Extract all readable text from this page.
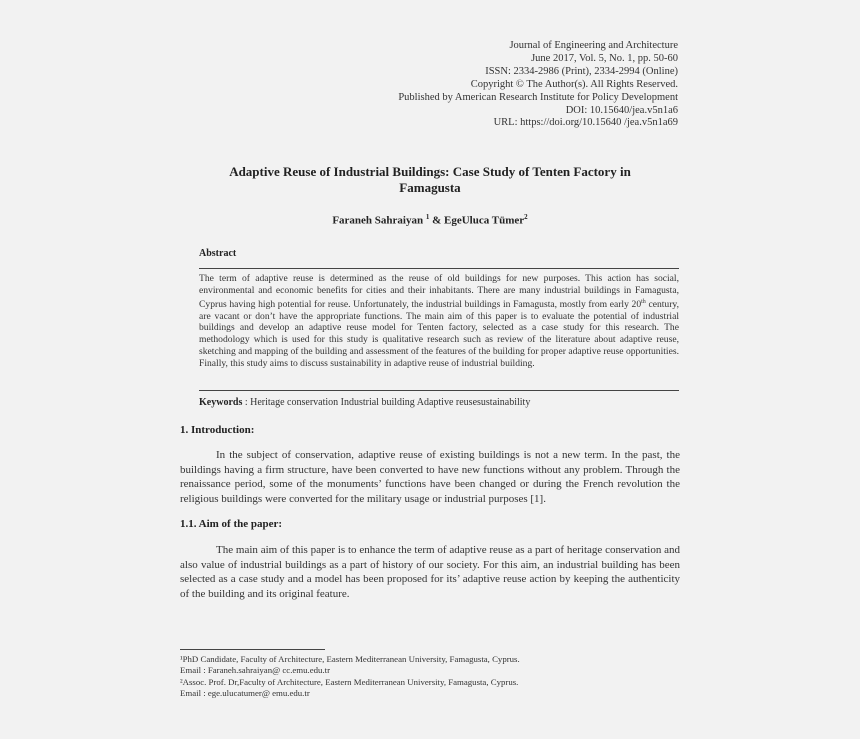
Journal of Engineering and Architecture
June 2017, Vol. 5, No. 1, pp. 50-60
ISSN: 2334-2986 (Print), 2334-2994 (Online)
Copyright © The Author(s). All Rights Reserved.
Published by American Research Institute for Policy Development
DOI: 10.15640/jea.v5n1a6
URL: https://doi.org/10.15640 /jea.v5n1a69
Adaptive Reuse of Industrial Buildings: Case Study of Tenten Factory in
Famagusta
Faraneh Sahraiyan $^1$ & EgeUluca Tümer$^2$
Abstract
The term of adaptive reuse is determined as the reuse of old buildings for new purposes. This action has social, environmental and economic benefits for cities and their inhabitants. There are many industrial buildings in Famagusta, Cyprus having high potential for reuse. Unfortunately, the industrial buildings in Famagusta, mostly from early 20th century, are vacant or don’t have the appropriate functions. The main aim of this paper is to evaluate the potential of industrial buildings and develop an adaptive reuse model for Tenten factory, selected as a case study for this research. The methodology which is used for this study is qualitative research such as review of the literature about adaptive reuse, sketching and mapping of the building and assessment of the features of the building for proper adaptive reuse opportunities. Finally, this study aims to discuss sustainability in adaptive reuse of industrial building.
Keywords : Heritage conservation Industrial building Adaptive reusesustainability
1. Introduction:
In the subject of conservation, adaptive reuse of existing buildings is not a new term. In the past, the buildings having a firm structure, have been converted to have new functions without any problem. Through the renaissance period, some of the monuments’ functions have been changed or during the French revolution the religious buildings were converted for the military usage or industrial purposes [1].
1.1. Aim of the paper:
The main aim of this paper is to enhance the term of adaptive reuse as a part of heritage conservation and also value of industrial buildings as a part of history of our society. For this aim, an industrial building has been selected as a case study and a model has been proposed for its’ adaptive reuse action by keeping the authenticity of the building and its original feature.
¹PhD Candidate, Faculty of Architecture, Eastern Mediterranean University, Famagusta, Cyprus.
Email : Faraneh.sahraiyan@ cc.emu.edu.tr
²Assoc. Prof. Dr,Faculty of Architecture, Eastern Mediterranean University, Famagusta, Cyprus.
Email : ege.ulucatumer@ emu.edu.tr
